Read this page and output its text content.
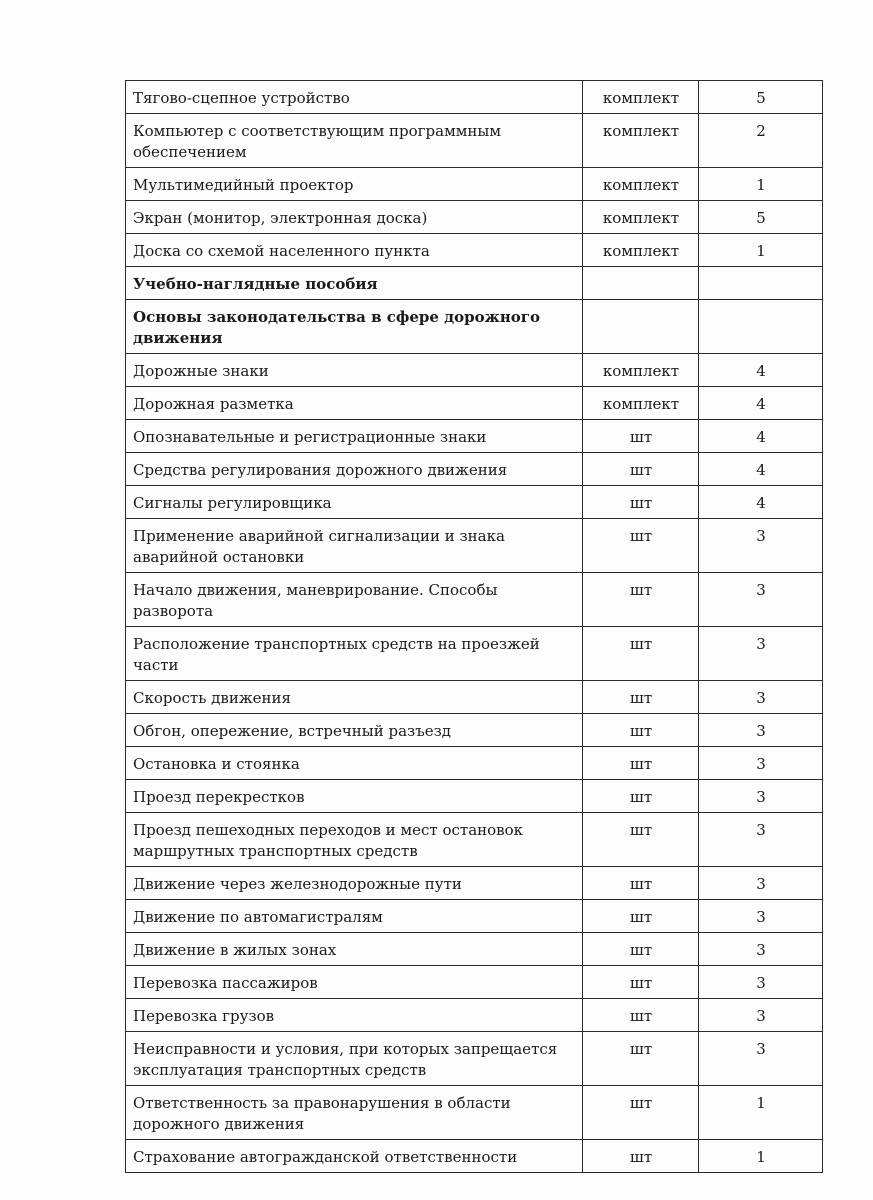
Тягово-сцепное устройство	комплект	5
Компьютер с соответствующим программным обеспечением	комплект	2
Мультимедийный проектор	комплект	1
Экран (монитор, электронная доска)	комплект	5
Доска со схемой населенного пункта	комплект	1
Учебно-наглядные пособия		
Основы законодательства в сфере дорожного движения		
Дорожные знаки	комплект	4
Дорожная разметка	комплект	4
Опознавательные и регистрационные знаки	шт	4
Средства регулирования дорожного движения	шт	4
Сигналы регулировщика	шт	4
Применение аварийной сигнализации и знака аварийной остановки	шт	3
Начало движения, маневрирование. Способы разворота	шт	3
Расположение транспортных средств на проезжей части	шт	3
Скорость движения	шт	3
Обгон, опережение, встречный разъезд	шт	3
Остановка и стоянка	шт	3
Проезд перекрестков	шт	3
Проезд пешеходных переходов и мест остановок маршрутных транспортных средств	шт	3
Движение через железнодорожные пути	шт	3
Движение по автомагистралям	шт	3
Движение в жилых зонах	шт	3
Перевозка пассажиров	шт	3
Перевозка грузов	шт	3
Неисправности и условия, при которых запрещается эксплуатация транспортных средств	шт	3
Ответственность за правонарушения в области дорожного движения	шт	1
Страхование автогражданской ответственности	шт	1
